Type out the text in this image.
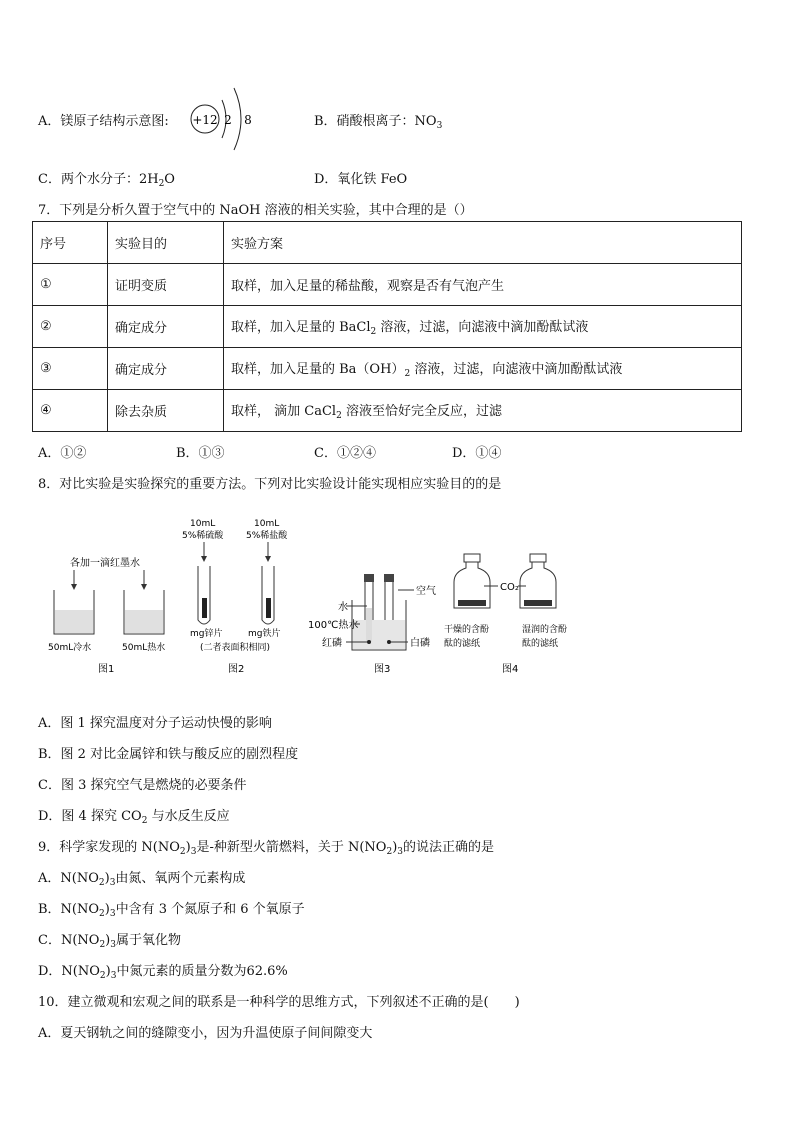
A．镁原子结构示意图: +12 2 8	B．硝酸根离子：$NO_3$
C．两个水分子：$2H_2O$	D．氧化铁 FeO
7．下列是分析久置于空气中的 NaOH 溶液的相关实验，其中合理的是（）
序号	实验目的	实验方案
①	证明变质	取样，加入足量的稀盐酸，观察是否有气泡产生
②	确定成分	取样，加入足量的 BaCl$_2$ 溶液，过滤，向滤液中滴加酚酞试液
③	确定成分	取样，加入足量的 $Ba(OH)_2$ 溶液，过滤，向滤液中滴加酚酞试液
④	除去杂质	取样， 滴加 CaCl$_2$ 溶液至恰好完全反应，过滤
A．①②	B．①③	C．①②④	D．①④
8．对比实验是实验探究的重要方法。下列对比实验设计能实现相应实验目的的是
各加一滴红墨水
50mL冷水	50mL热水
图1
10mL
5%稀硫酸
10mL
5%稀盐酸
mg锌片	mg铁片
(二者表面积相同)
图2
空气
水
100℃热水
红磷	白磷
图3
CO₂
干燥的含酚
酞的滤纸
湿润的含酚
酞的滤纸
图4
A．图 1 探究温度对分子运动快慢的影响
B．图 2 对比金属锌和铁与酸反应的剧烈程度
C．图 3 探究空气是燃烧的必要条件
D．图 4 探究 $CO_2$ 与水反生反应
9．科学家发现的 $N(NO_2)_3$是-种新型火箭燃料，关于 $N(NO_2)_3$的说法正确的是
A．$N(NO_2)_3$由氮、氧两个元素构成
B．$N(NO_2)_3$中含有 3 个氮原子和 6 个氧原子
C．$N(NO_2)_3$属于氧化物
D．$N(NO_2)_3$中氮元素的质量分数为62.6%
10．建立微观和宏观之间的联系是一种科学的思维方式，下列叙述不正确的是(　　)
A．夏天钢轨之间的缝隙变小，因为升温使原子间间隙变大
